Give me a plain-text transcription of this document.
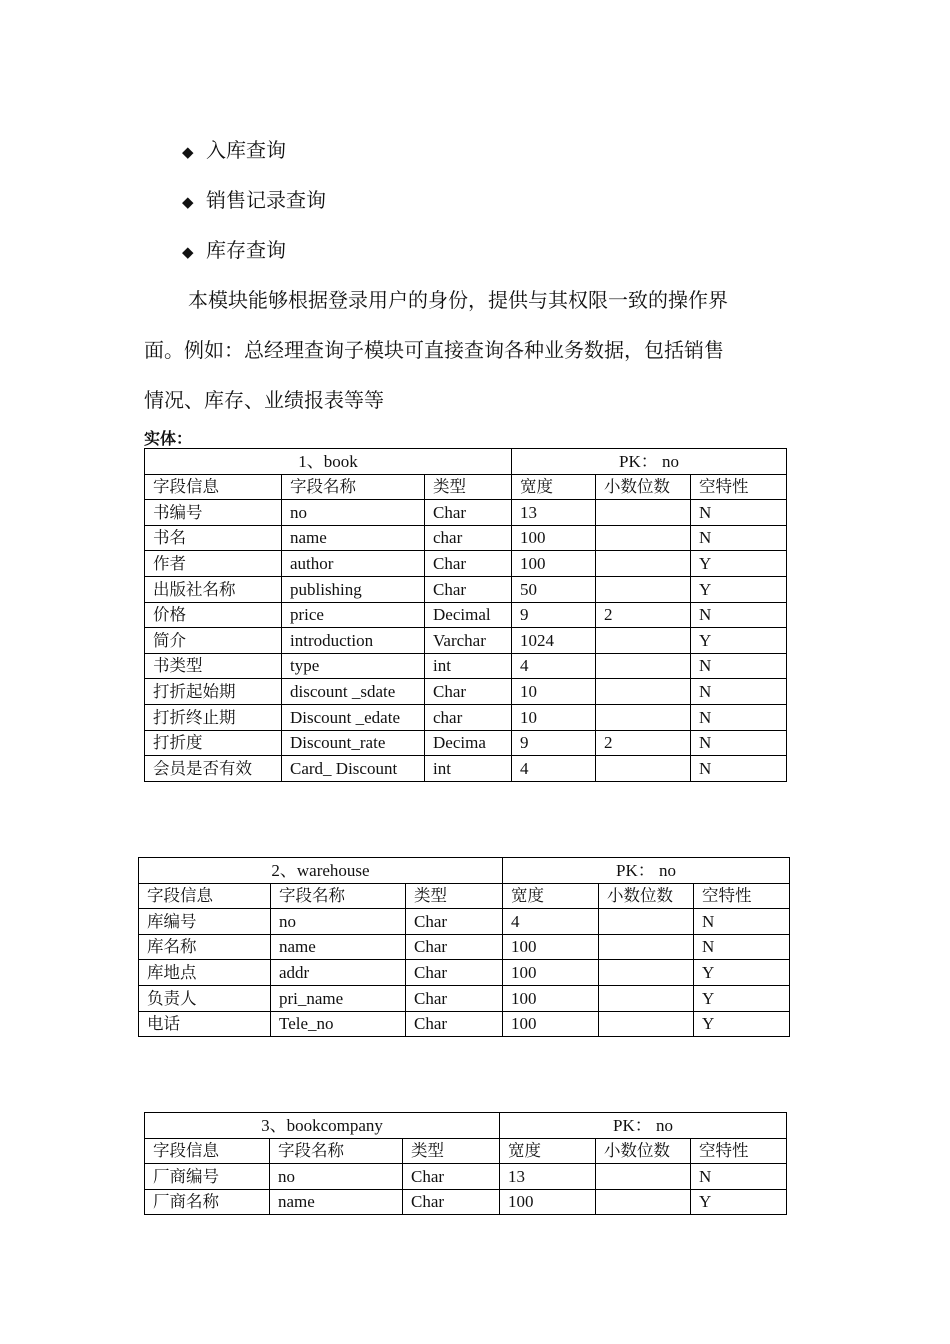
◆ 入库查询
◆ 销售记录查询
◆ 库存查询

本模块能够根据登录用户的身份，提供与其权限一致的操作界

面。例如：总经理查询子模块可直接查询各种业务数据，包括销售

情况、库存、业绩报表等等

实体：
1、book			PK： no		
字段信息	字段名称	类型	宽度	小数位数	空特性
书编号	no	Char	13		N
书名	name	char	100		N
作者	author	Char	100		Y
出版社名称	publishing	Char	50		Y
价格	price	Decimal	9	2	N
简介	introduction	Varchar	1024		Y
书类型	type	int	4		N
打折起始期	discount _sdate	Char	10		N
打折终止期	Discount _edate	char	10		N
打折度	Discount_rate	Decima	9	2	N
会员是否有效	Card_ Discount	int	4		N
2、warehouse			PK： no		
字段信息	字段名称	类型	宽度	小数位数	空特性
库编号	no	Char	4		N
库名称	name	Char	100		N
库地点	addr	Char	100		Y
负责人	pri_name	Char	100		Y
电话	Tele_no	Char	100		Y
3、bookcompany			PK： no		
字段信息	字段名称	类型	宽度	小数位数	空特性
厂商编号	no	Char	13		N
厂商名称	name	Char	100		Y
